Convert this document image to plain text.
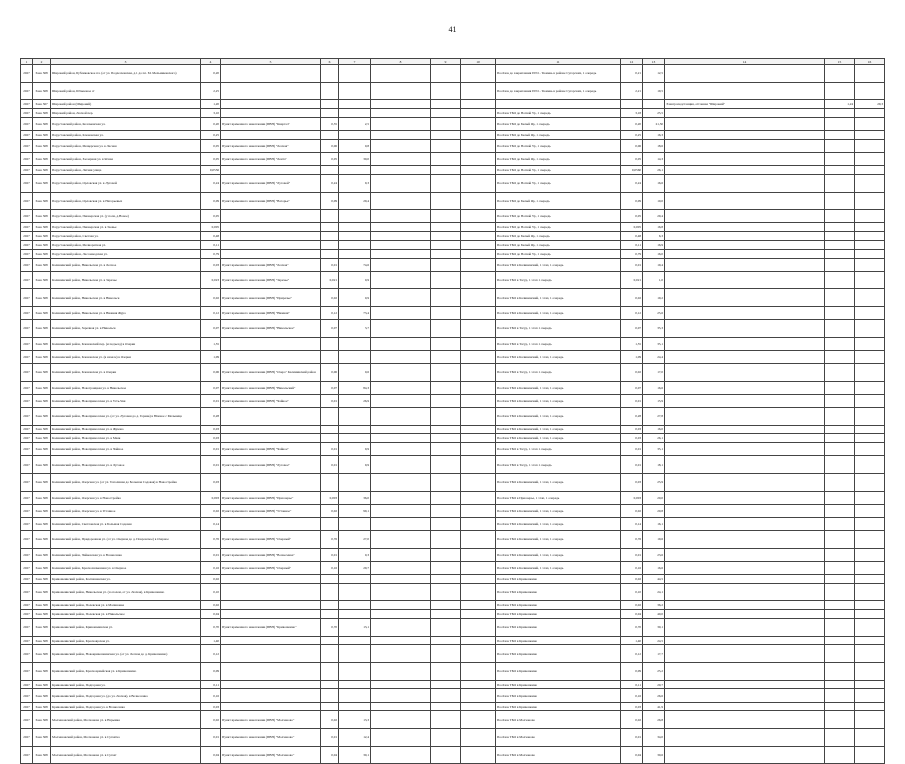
41
1	2	3	4	5	6	7	8	9	10	11	12	13	14	15	16
2027	Зона 368	Широкий район, Бубликовское пл. (от ул. Подлесковская, д.1 до пл. М. Мельниковского)	0,20							Посёлок до закрепления ПГО - Тюмень в районе Сугорских, 1 очередь	0,21	12,5			
2027	Зона 368	Широкий район, Штыковое сг	2,25							Посёлок до закрепления ПГО - Тюмень в районе Сугорских, 1 очередь	2,21	19,5			
2027	Зона 367	Широкий район (Широкий)	1,20										Электроподстанция, отгонная "Широкий"	1,24	29,3
2027	Зона 368	Широкий район, Лесной пер.	3,10							Посёлок ТБО до Вогнай Ур, 1 очередь	3,18	25,5			
2027	Зона 368	Парустовский район, Коломенская ул.	0,20	Пункт временного накопления (ПВН) "Квартал"	0,35	2,5				Посёлок ТБО до Белый Яр, 1 очередь	0,20	21,50			
2027	Зона 368	Парустовский район, Кленовская ул.	0,25							Посёлок ТБО до Белый Яр, 1 очередь	0,25	16,3			
2027	Зона 368	Парустовский район, Мещерская ул. в Лесная	0,05	Пункт временного накопления (ПВН) "Лесная"	0,06	0,8				Посёлок ТБО до Вогнай Ур, 1 очередь	0,06	18,6			
2027	Зона 368	Парустовский район, Заозерная ул. в Ясная	0,05	Пункт временного накопления (ПВН) "Лента"	0,05	30,0				Посёлок ТБО до Белый Яр, 1 очередь	0,05	14,3			
2027	Зона 368	Парустовский район, Летняя улица	0,0556							Посёлок ТБО до Вогнай Ур, 1 очередь	0,0560	26,1			
2027	Зона 368	Парустовский район, Орловская ул. в Луговой	0,24	Пункт временного накопления (ПВН) "Луговой"	0,24	9,3				Посёлок ТБО до Вогнай Ур, 1 очередь	0,24	16,6			
2027	Зона 368	Парустовский район, Орловская ул. в Нагорьевых	0,09	Пункт временного накопления (ПВН) "Вагорье"	0,09	29,4				Посёлок ТБО до Белый Яр, 1 очередь	0,09	10,0			
2027	Зона 368	Парустовский район, Пионерская ул. (у поля, д.Новое)	0,05							Посёлок ТБО до Вогнай Ур, 1 очередь	0,05	29,4			
2027	Зона 368	Парустовский район, Пионерская ул. в Заовье	0,005							Посёлок ТБО до Вогнай Ур, 1 очередь	0,005	16,8			
2027	Зона 368	Парустовский район, Светлая ул.	0,48							Посёлок ТБО до Белый Яр, 1 очередь	0,48	6,3			
2027	Зона 368	Парустовский район, Мелиоратная ул.	0,11							Посёлок ТБО до Белый Яр, 1 очередь	0,11	16,9			
2027	Зона 368	Парустовский район, Лесозаводская ул.	0,79							Посёлок ТБО до Вогнай Ур, 1 очередь	0,79	16,0			
2027	Зона 368	Калининский район, Никольская ул. в Лесное	0,03	Пункт временного накопления (ПВН) "Лесная"	0,01	74,6				Посёлок ТБО в Калининский, 1 этап, 1 очередь	0,01	19,4			
2027	Зона 368	Калининский район, Никольская ул. в Заречье	0,023	Пункт временного накопления (ПВН) "Заречье"	0,021	0,9				Посёлок ТБО в Тогур, 1 этап 1 очередь	0,021	1,0			
2027	Зона 368	Калининский район, Никольская ул. в Никольск	0,02	Пункт временного накопления (ПВН) "Приречье"	0,02	0,9				Посёлок ТБО в Калининский, 1 этап, 1 очередь	0,02	19,2			
2027	Зона 368	Калининский район, Никольская ул. в Нижняя Жура	0,12	Пункт временного накопления (ПВН) "Нижняя"	0,12	73,4				Посёлок ТБО в Калининский, 1 этап, 1 очередь	0,12	25,6			
2027	Зона 368	Калининский район, Заречная ул. в Никольск	0,07	Пункт временного накопления (ПВН) "Никольское"	0,07	3,7				Посёлок ТБО в Тогур, 1 этап 1 очередь	0,07	35,3			
2027	Зона 368	Калининский район, Кленовский пер. (и подъезд) в Озерки	1,55							Посёлок ТБО в Тогур, 1 этап 1 очередь	1,55	35,1			
2027	Зона 368	Калининский район, Кленовская ул. (в начале) в Озерки	1,09							Посёлок ТБО в Калининский, 1 этап, 1 очередь	1,09	24,4			
2027	Зона 368	Калининский район, Кленовская ул. в Озерки	0,06	Пункт временного накопления (ПВН) "Озеро" Калининский район	0,06	0,6				Посёлок ТБО в Тогур, 1 этап 1 очередь	0,02	17,0			
2027	Зона 368	Калининский район, Новотроицкая ул. в Никольское	0,07	Пункт временного накопления (ПВН) "Никольский"	0,07	84,3				Посёлок ТБО в Калининский, 1 этап, 1 очередь	0,07	16,6			
2027	Зона 368	Калининский район, Новоприволская ул. в Усть-Чая	0,01	Пункт временного накопления (ПВН) "Чайное"	0,01	26,9				Посёлок ТБО в Калининский, 1 этап, 1 очередь	0,01	15,9			
2027	Зона 368	Калининский район, Новоприволская ул. (от ул. Луговая до д. Горняк) в Южное с Мельница	0,28							Посёлок ТБО в Калининский, 1 этап, 1 очередь	0,28	27,8			
2027	Зона 368	Калининский район, Новоприволская ул. в Жуково	0,03							Посёлок ТБО в Калининский, 1 этап, 1 очередь	0,03	16,0			
2027	Зона 368	Калининский район, Новоприволская ул. в Маяк	0,03							Посёлок ТБО в Калининский, 1 этап, 1 очередь	0,03	26,1			
2027	Зона 368	Калининский район, Новоприволская ул. в Чайное	0,01	Пункт временного накопления (ПВН) "Чайное"	0,01	9,9				Посёлок ТБО в Тогур, 1 этап 1 очередь	0,01	35,1			
2027	Зона 368	Калининский район, Новоприволская ул. в Луговое	0,01	Пункт временного накопления (ПВН) "Луговое"	0,01	9,9				Посёлок ТБО в Тогур, 1 этап 1 очередь	0,01	18,1			
2027	Зона 368	Калининский район, Озерская ул. (от ул. Тополиная до Большая Садовая) в Новостройка	0,03							Посёлок ТБО в Калининский, 1 этап, 1 очередь	0,03	25,9			
2027	Зона 368	Калининский район, Озерская ул. в Новостройка	0,003	Пункт временного накопления (ПВН) "Приозерье"	0,003	36,0				Посёлок ТБО в Приозерье, 1 этап, 1 очередь	0,003	20,0			
2027	Зона 368	Калининский район, Озерская ул. в Уставное	0,02	Пункт временного накопления (ПВН) "Уставное"	0,02	99,1				Посёлок ТБО в Калининский, 1 этап, 1 очередь	0,02	20,8			
2027	Зона 368	Калининский район, Светловская ул. в Большая Садовая	0,14							Посёлок ТБО в Калининский, 1 этап, 1 очередь	0,14	16,1			
2027	Зона 368	Калининский район, Придорожная ул. (от ул. Озерная до д. Покровское) в Озерное	0,76	Пункт временного накопления (ПВН) "Озерный"	0,76	27,0				Посёлок ТБО в Калининский, 1 этап, 1 очередь	0,76	19,6			
2027	Зона 368	Калининский район, Чайковская ул. в Вознесенка	0,01	Пункт временного накопления (ПВН) "Вознесенка"	0,01	0,3				Посёлок ТБО в Калининский, 1 этап, 1 очередь	0,01	23,6			
2027	Зона 368	Калининский район, Краснознаменная ул. в Озерное	0,16	Пункт временного накопления (ПВН) "Озерный"	0,16	29,7				Посёлок ТБО в Калининский, 1 этап, 1 очередь	0,16	16,6			
2027	Зона 368	Кривошеинский район, Колпашевская ул.	0,02							Посёлок ТБО в Кривошеино	0,02	44,5			
2027	Зона 368	Кривошеинский район, Никольская ул. (за полем, от ул. Лесная), в Кривошеино	0,10							Посёлок ТБО в Кривошеино	0,10	24,1			
2027	Зона 368	Кривошеинский район, Полевская ул. в Малиновка	0,02							Посёлок ТБО в Кривошеино	0,02	36,2			
2027	Зона 368	Кривошеинский район, Полевская ул. в Никольское	0,04							Посёлок ТБО в Кривошеино	0,04	40,0			
2027	Зона 368	Кривошеинский район, Кривошеинская ул.	0,70	Пункт временного накопления (ПВН) "Кривошеино"	0,70	13,1				Посёлок ТБО в Кривошеино	0,70	30,1			
2027	Зона 368	Кривошеинский район, Красноярская ул.	1,40							Посёлок ТБО в Кривошеино	1,40	24,5			
2027	Зона 368	Кривошеинский район, Новокривошеинская ул. (от ул. Лесная до д. Кривошеино)	0,12							Посёлок ТБО в Кривошеино	0,12	17,7			
2027	Зона 368	Кривошеинский район, Красноармейская ул. в Кривошеино	0,09							Посёлок ТБО в Кривошеино	0,09	25,2			
2027	Зона 368	Кривошеинский район, Подгорная ул.	0,11							Посёлок ТБО в Кривошеино	0,11	20,7			
2027	Зона 368	Кривошеинский район, Подгорная ул. (до ул. Лесная), в Вознесенка	0,16							Посёлок ТБО в Кривошеино	0,16	26,6			
2027	Зона 368	Кривошеинский район, Подгорная ул. в Вознесенка	0,03							Посёлок ТБО в Кривошеино	0,03	41,9			
2027	Зона 368	Молчановский район, Молчанова ул. в Нарымка	0,02	Пункт временного накопления (ПВН) "Молчаново"	0,02	13,3				Посёлок ТБО в Молчаново	0,02	26,8			
2027	Зона 368	Молчановский район, Молчанова ул. в Сулзатка	0,01	Пункт временного накопления (ПВН) "Молчаново"	0,01	12,4				Посёлок ТБО в Молчаново	0,01	34,0			
2027	Зона 368	Молчановский район, Молчанова ул. в Сулзат	0,04	Пункт временного накопления (ПВН) "Молчаново"	0,04	30,1				Посёлок ТБО в Молчаново	0,04	30,6			
